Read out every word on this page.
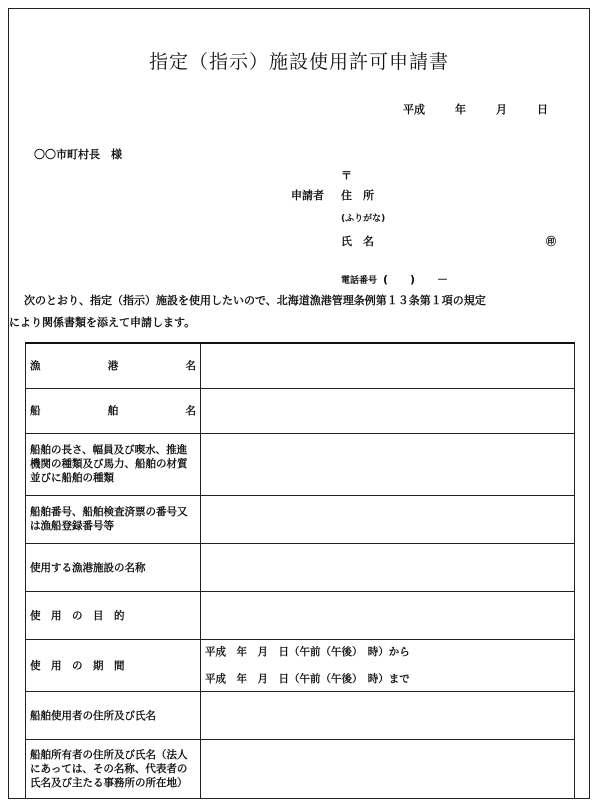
指定（指示）施設使用許可申請書
平成	年	月	日
〇〇市町村長　様
〒
申請者 住　所
(ふりがな)
氏　名	㊞
電話番号 (　　)　　－
　次のとおり、指定（指示）施設を使用したいので、北海道漁港管理条例第１３条第１項の規定
により関係書類を添えて申請します。
漁 港 名	

船 舶 名	

船舶の長さ、幅員及び喫水、推進機関の種類及び馬力、船舶の材質並びに船舶の種類	
船舶番号、船舶検査済票の番号又は漁船登録番号等	
使用する漁港施設の名称	
使　用　の　目　的	
使　用　の　期　間	平成　年　月　日（午前（午後）　時）から
平成　年　月　日（午前（午後）　時）まで

船舶使用者の住所及び氏名	
船舶所有者の住所及び氏名（法人にあっては、その名称、代表者の氏名及び主たる事務所の所在地）	
